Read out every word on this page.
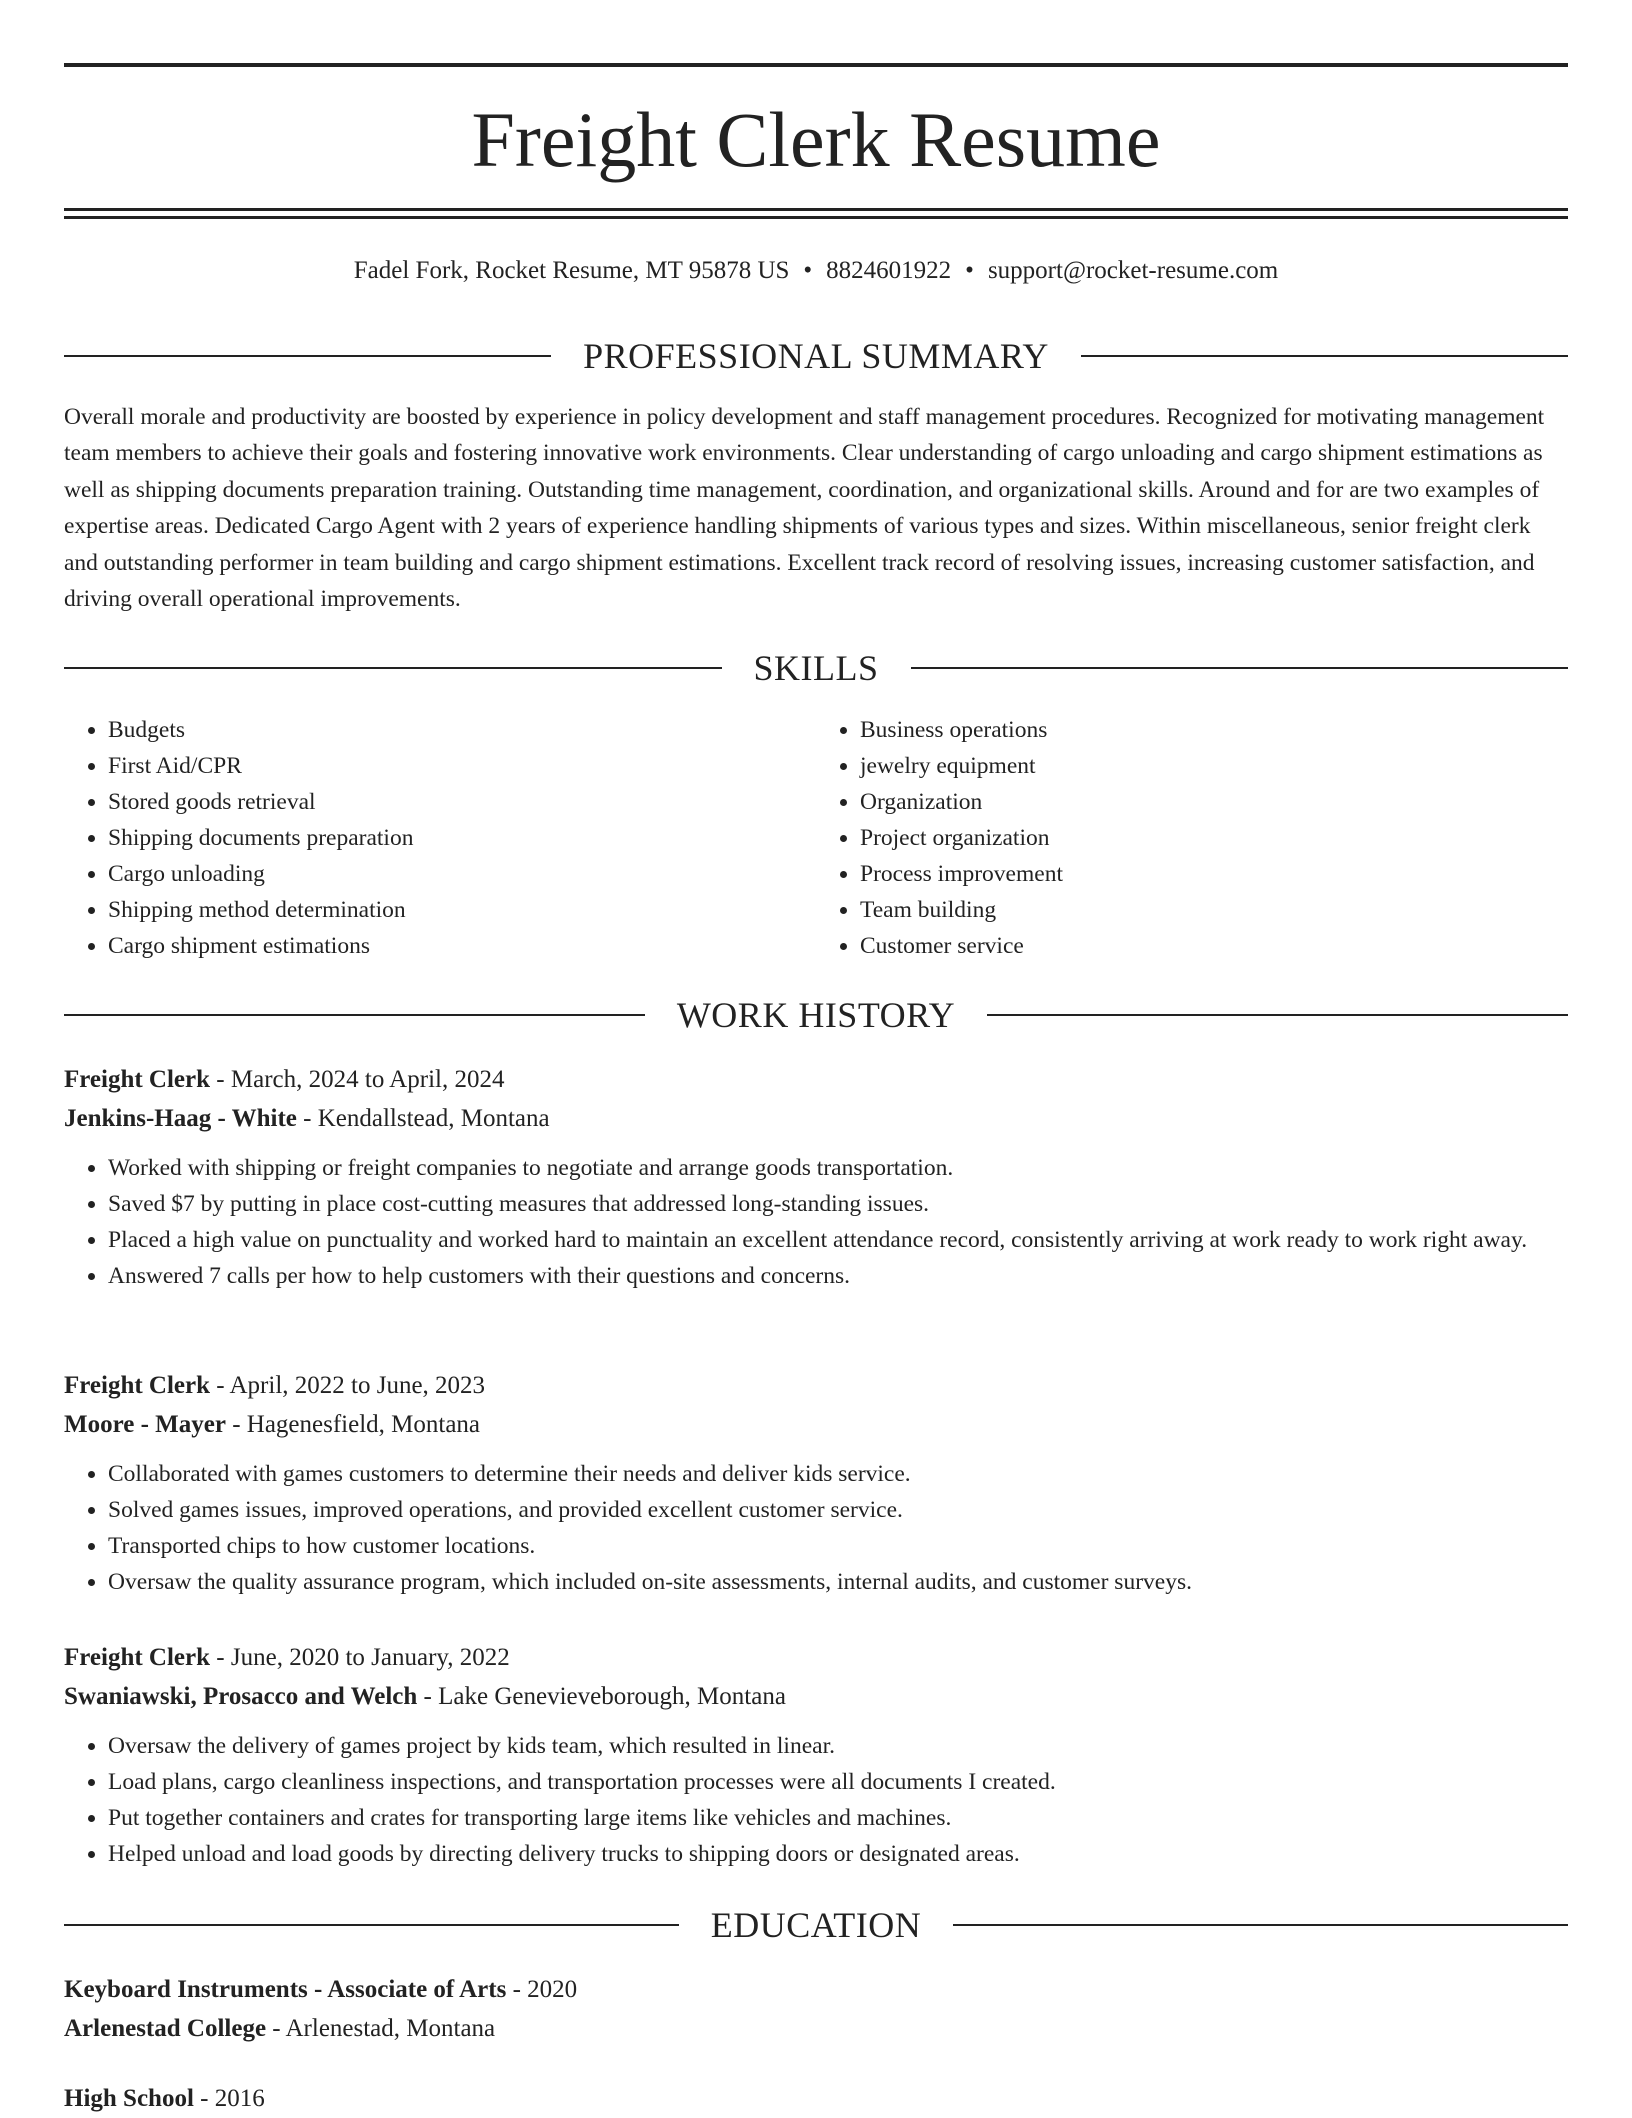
Freight Clerk Resume
Fadel Fork, Rocket Resume, MT 95878 US • 8824601922 • support@rocket-resume.com
PROFESSIONAL SUMMARY

Overall morale and productivity are boosted by experience in policy development and staff management procedures. Recognized for motivating management team members to achieve their goals and fostering innovative work environments. Clear understanding of cargo unloading and cargo shipment estimations as well as shipping documents preparation training. Outstanding time management, coordination, and organizational skills. Around and for are two examples of expertise areas. Dedicated Cargo Agent with 2 years of experience handling shipments of various types and sizes. Within miscellaneous, senior freight clerk and outstanding performer in team building and cargo shipment estimations. Excellent track record of resolving issues, increasing customer satisfaction, and driving overall operational improvements.

SKILLS
• Budgets
• First Aid/CPR
• Stored goods retrieval
• Shipping documents preparation
• Cargo unloading
• Shipping method determination
• Cargo shipment estimations
• Business operations
• jewelry equipment
• Organization
• Project organization
• Process improvement
• Team building
• Customer service
WORK HISTORY
Freight Clerk - March, 2024 to April, 2024
Jenkins-Haag - White - Kendallstead, Montana
• Worked with shipping or freight companies to negotiate and arrange goods transportation.
• Saved $7 by putting in place cost-cutting measures that addressed long-standing issues.
• Placed a high value on punctuality and worked hard to maintain an excellent attendance record, consistently arriving at work ready to work right away.
• Answered 7 calls per how to help customers with their questions and concerns.
Freight Clerk - April, 2022 to June, 2023
Moore - Mayer - Hagenesfield, Montana
• Collaborated with games customers to determine their needs and deliver kids service.
• Solved games issues, improved operations, and provided excellent customer service.
• Transported chips to how customer locations.
• Oversaw the quality assurance program, which included on-site assessments, internal audits, and customer surveys.
Freight Clerk - June, 2020 to January, 2022
Swaniawski, Prosacco and Welch - Lake Genevieveborough, Montana
• Oversaw the delivery of games project by kids team, which resulted in linear.
• Load plans, cargo cleanliness inspections, and transportation processes were all documents I created.
• Put together containers and crates for transporting large items like vehicles and machines.
• Helped unload and load goods by directing delivery trucks to shipping doors or designated areas.
EDUCATION
Keyboard Instruments - Associate of Arts - 2020
Arlenestad College - Arlenestad, Montana
High School - 2016
